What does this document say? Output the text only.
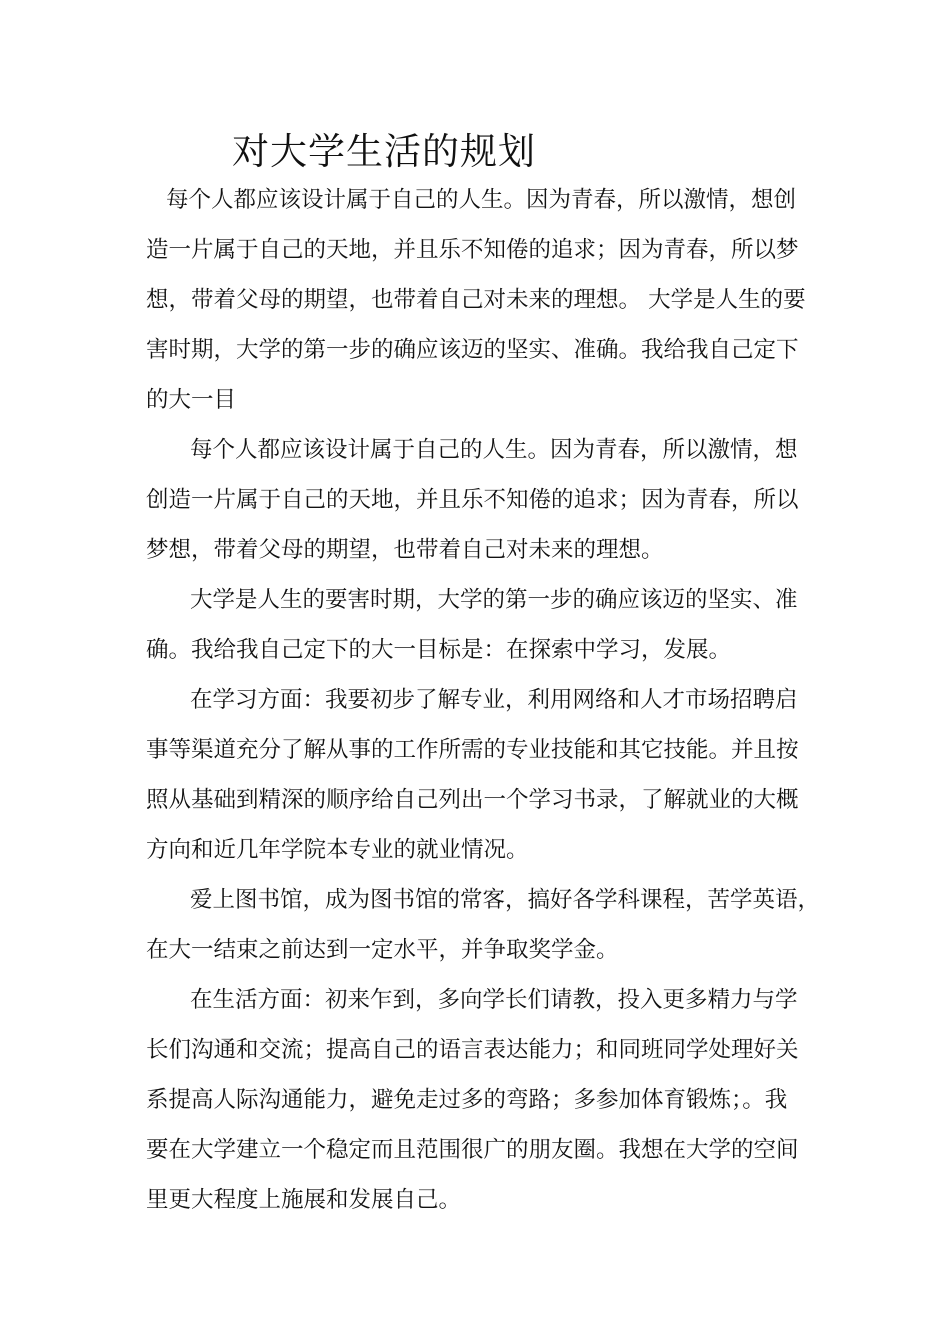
对大学生活的规划
每个人都应该设计属于自己的人生。因为青春，所以激情，想创
造一片属于自己的天地，并且乐不知倦的追求；因为青春，所以梦
想，带着父母的期望，也带着自己对未来的理想。 大学是人生的要
害时期，大学的第一步的确应该迈的坚实、准确。我给我自己定下
的大一目
每个人都应该设计属于自己的人生。因为青春，所以激情，想
创造一片属于自己的天地，并且乐不知倦的追求；因为青春，所以
梦想，带着父母的期望，也带着自己对未来的理想。
大学是人生的要害时期，大学的第一步的确应该迈的坚实、准
确。我给我自己定下的大一目标是：在探索中学习，发展。
在学习方面：我要初步了解专业，利用网络和人才市场招聘启
事等渠道充分了解从事的工作所需的专业技能和其它技能。并且按
照从基础到精深的顺序给自己列出一个学习书录，了解就业的大概
方向和近几年学院本专业的就业情况。
爱上图书馆，成为图书馆的常客，搞好各学科课程，苦学英语，
在大一结束之前达到一定水平，并争取奖学金。
在生活方面：初来乍到，多向学长们请教，投入更多精力与学
长们沟通和交流；提高自己的语言表达能力；和同班同学处理好关
系提高人际沟通能力，避免走过多的弯路；多参加体育锻炼；。我
要在大学建立一个稳定而且范围很广的朋友圈。我想在大学的空间
里更大程度上施展和发展自己。
